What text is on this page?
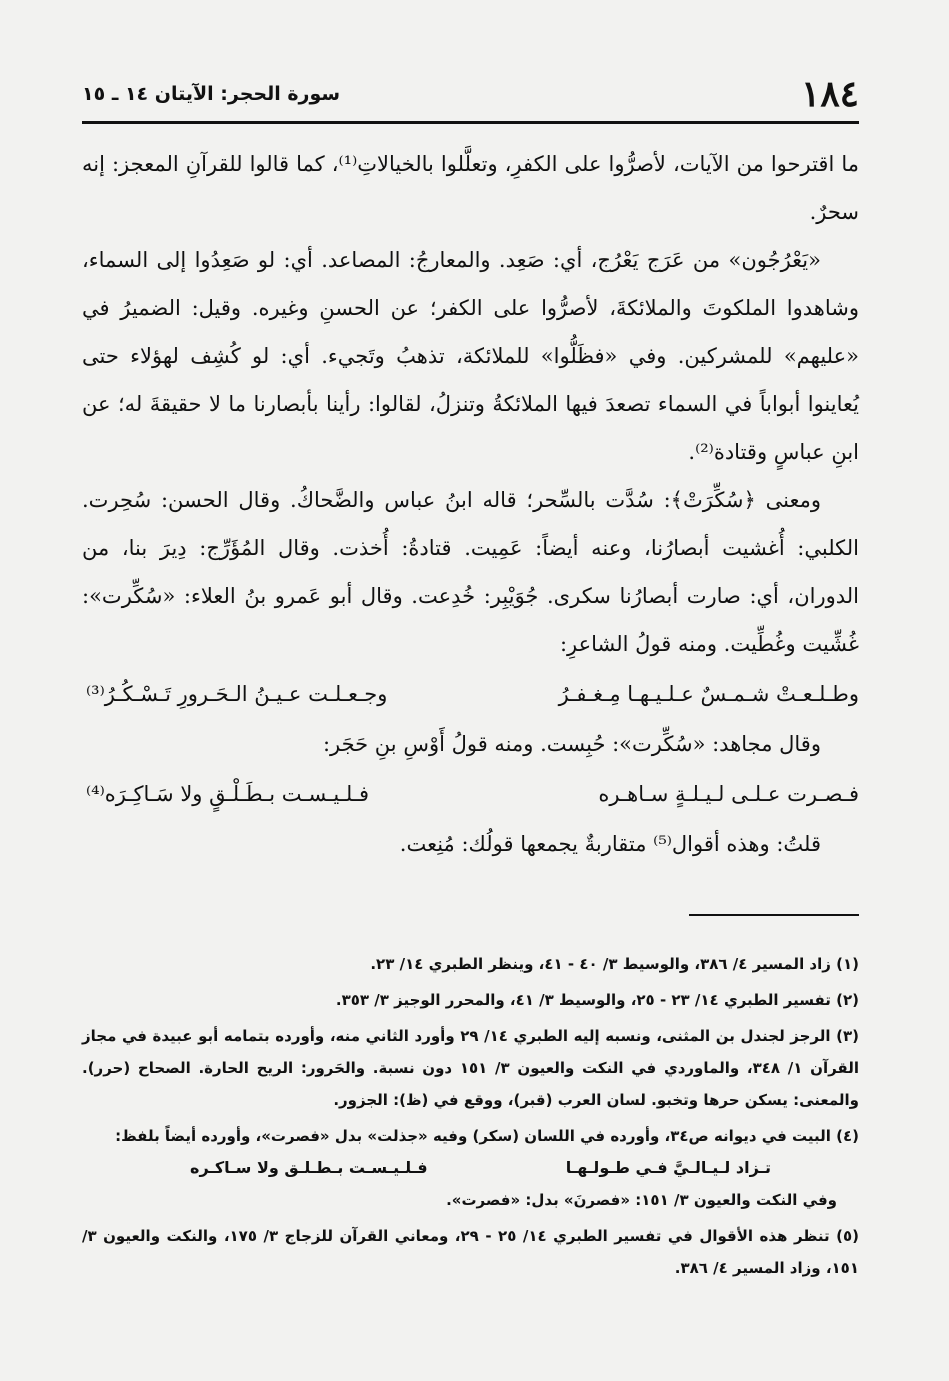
١٨٤
سورة الحجر: الآيتان ١٤ ـ ١٥

ما اقترحوا من الآيات، لأصرُّوا على الكفرِ، وتعلَّلوا بالخيالاتِ⁽¹⁾، كما قالوا للقرآنِ المعجز: إنه سحرٌ.

«يَعْرُجُون» من عَرَج يَعْرُج، أي: صَعِد. والمعارجُ: المصاعد. أي: لو صَعِدُوا إلى السماء، وشاهدوا الملكوتَ والملائكةَ، لأصرُّوا على الكفر؛ عن الحسنِ وغيره. وقيل: الضميرُ في «عليهم» للمشركين. وفي «فظَلُّوا» للملائكة، تذهبُ وتَجيء. أي: لو كُشِف لهؤلاء حتى يُعاينوا أبواباً في السماء تصعدَ فيها الملائكةُ وتنزلُ، لقالوا: رأينا بأبصارنا ما لا حقيقةَ له؛ عن ابنِ عباسٍ وقتادة⁽²⁾.

ومعنى ﴿سُكِّرَتْ﴾: سُدَّت بالسِّحر؛ قاله ابنُ عباس والضَّحاكُ. وقال الحسن: سُحِرت. الكلبي: أُغشيت أبصارُنا، وعنه أيضاً: عَمِيت. قتادةُ: أُخذت. وقال المُؤَرِّج: دِيرَ بنا، من الدوران، أي: صارت أبصارُنا سكرى. جُوَيْبِر: خُدِعت. وقال أبو عَمرو بنُ العلاء: «سُكِّرت»: غُشِّيت وغُطِّيت. ومنه قولُ الشاعرِ:

وطـلـعـتْ شـمـسٌ عـلـيـهـا مِـغـفـرُ
وجـعـلـت عـيـنُ الـحَـرورِ تَـسْـكُـرُ⁽³⁾

وقال مجاهد: «سُكِّرت»: حُبِست. ومنه قولُ أَوْسِ بنِ حَجَر:

فـصـرت عـلـى لـيـلـةٍ سـاهـره
فـلـيـسـت بـطَـلْـقٍ ولا سَـاكِـرَه⁽⁴⁾

قلتُ: وهذه أقوال⁽⁵⁾ متقاربةٌ يجمعها قولُك: مُنِعت.

(١) زاد المسير ٤/ ٣٨٦، والوسيط ٣/ ٤٠ - ٤١، وينظر الطبري ١٤/ ٢٣.

(٢) تفسير الطبري ١٤/ ٢٣ - ٢٥، والوسيط ٣/ ٤١، والمحرر الوجيز ٣/ ٣٥٣.

(٣) الرجز لجندل بن المثنى، ونسبه إليه الطبري ١٤/ ٢٩ وأورد الثاني منه، وأورده بتمامه أبو عبيدة في مجاز القرآن ١/ ٣٤٨، والماوردي في النكت والعيون ٣/ ١٥١ دون نسبة. والحَرور: الريح الحارة. الصحاح (حرر). والمعنى: يسكن حرها وتخبو. لسان العرب (قبر)، ووقع في (ظ): الجزور.

(٤) البيت في ديوانه ص٣٤، وأورده في اللسان (سكر) وفيه «جذلت» بدل «فصرت»، وأورده أيضاً بلفظ:

تـزاد لـيـالـيَّ فـي طـولـهـا
فـلـيـسـت بـطـلـق ولا سـاكـره

وفي النكت والعيون ٣/ ١٥١: «فصرنَ» بدل: «فصرت».

(٥) تنظر هذه الأقوال في تفسير الطبري ١٤/ ٢٥ - ٢٩، ومعاني القرآن للزجاج ٣/ ١٧٥، والنكت والعيون ٣/ ١٥١، وزاد المسير ٤/ ٣٨٦.
